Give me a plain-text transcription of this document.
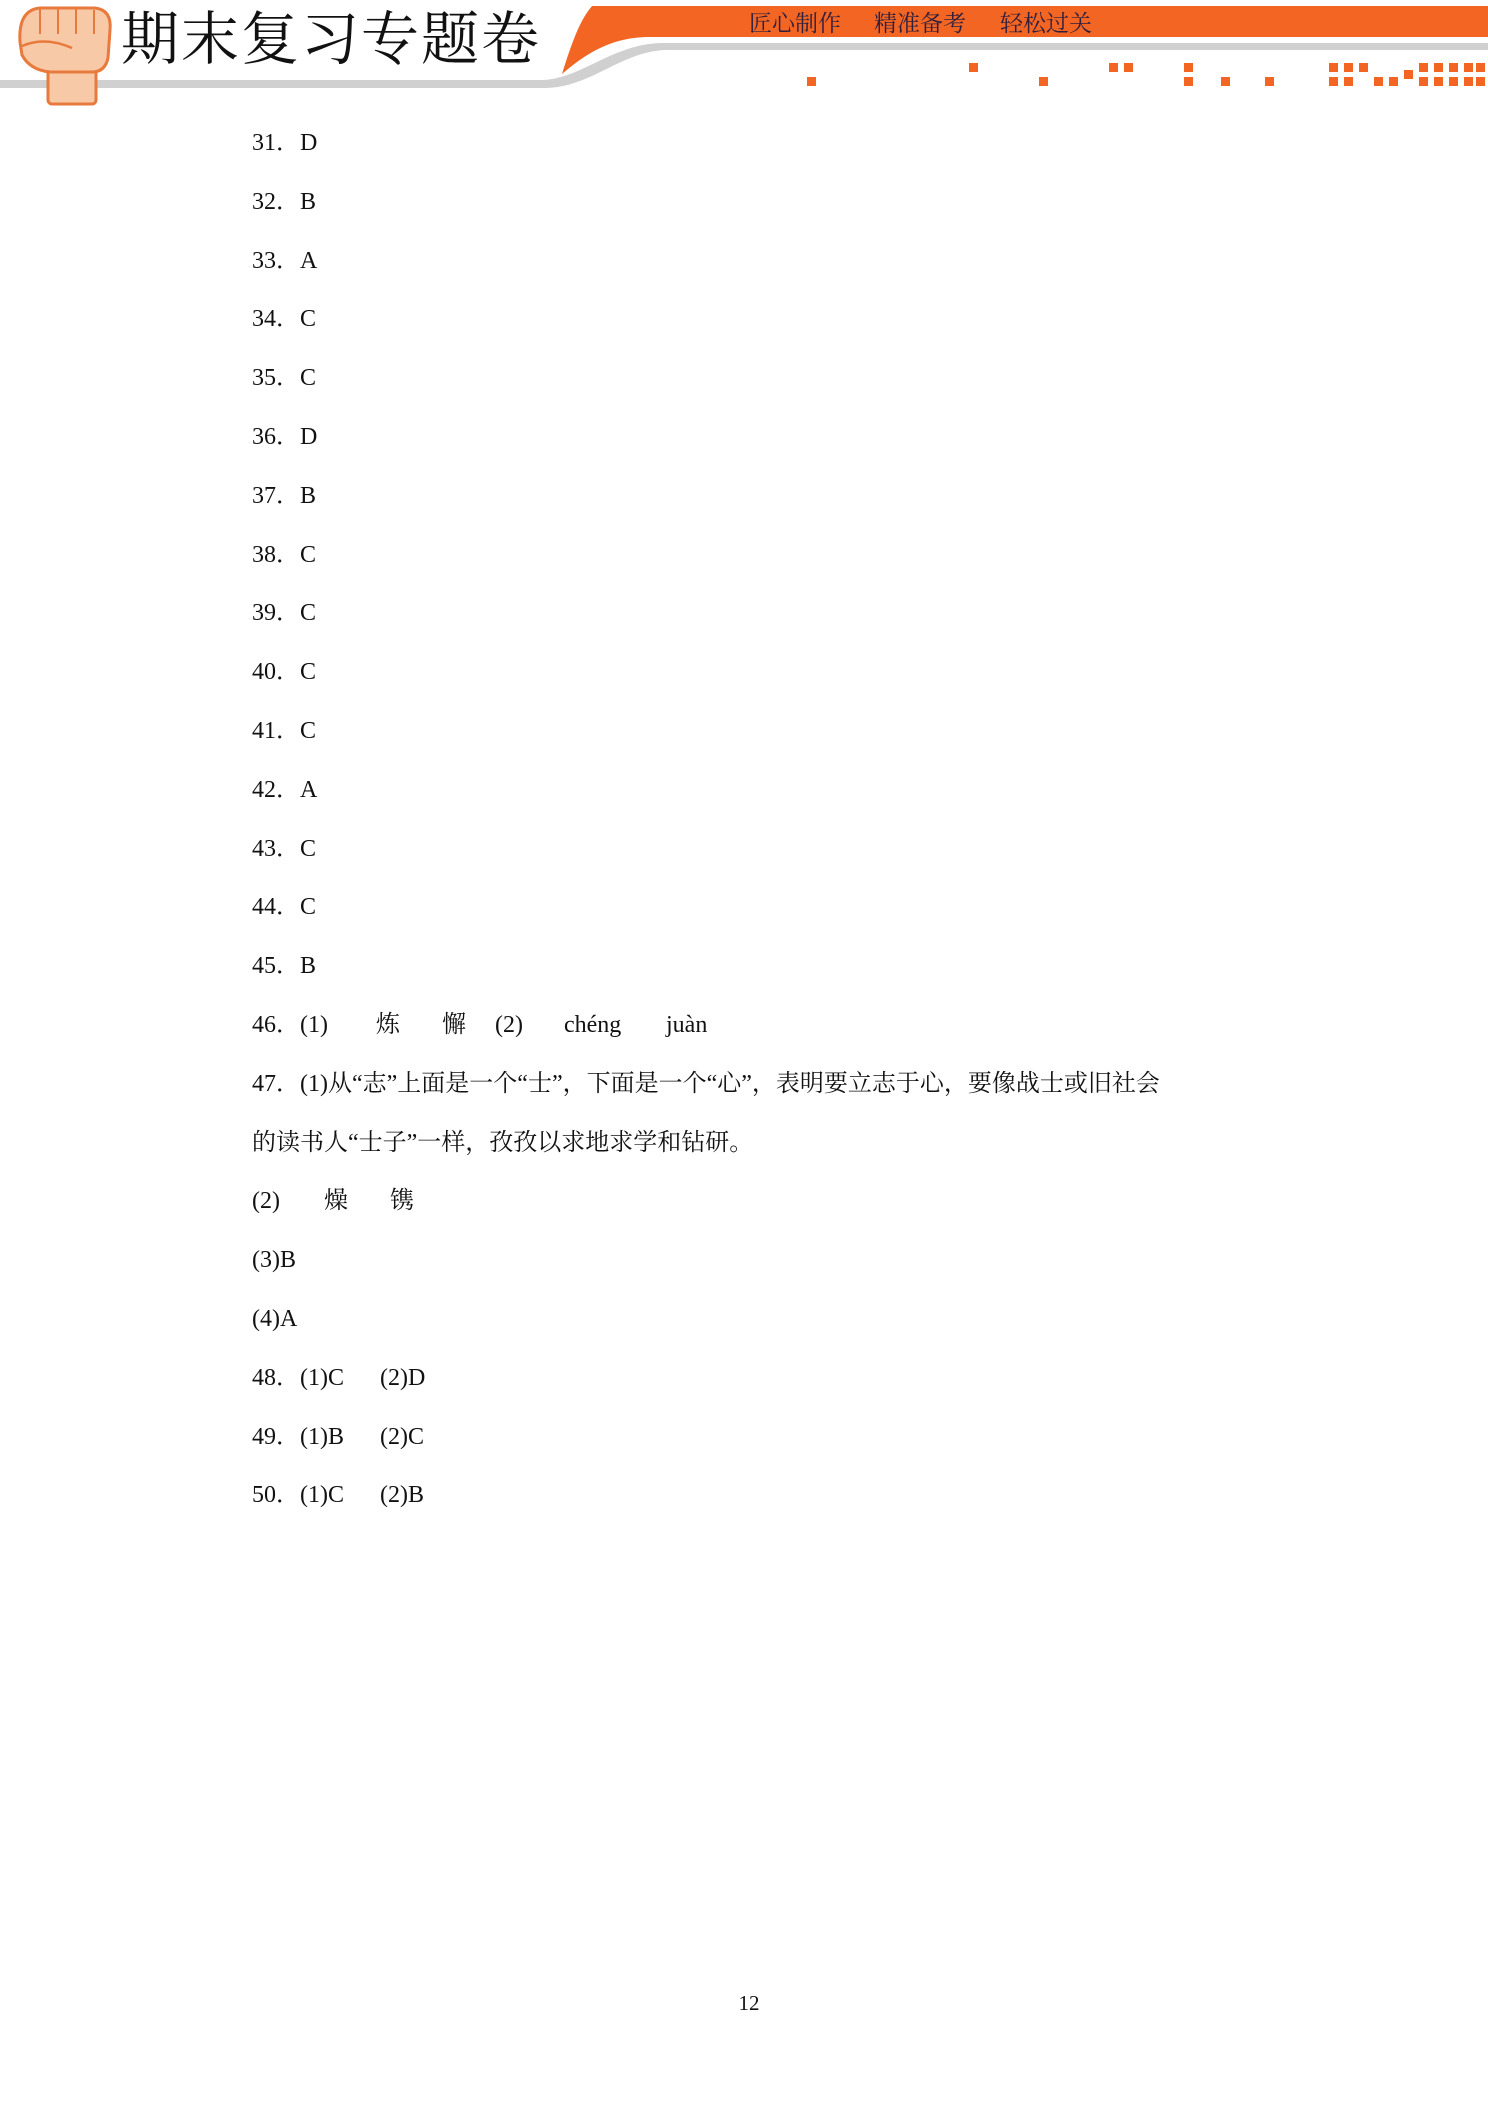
期末复习专题卷	匠心制作 精准备考 轻松过关
31．D
32．B
33．A
34．C
35．C
36．D
37．B
38．C
39．C
40．C
41．C
42．A
43．C
44．C
45．B
46．(1) 炼 懈 (2) chéng juàn
47．(1)从“志”上面是一个“士”，下面是一个“心”，表明要立志于心，要像战士或旧社会
的读书人“士子”一样，孜孜以求地求学和钻研。
(2) 燥 镌
(3)B
(4)A
48．(1)C (2)D
49．(1)B (2)C
50．(1)C (2)B
12
